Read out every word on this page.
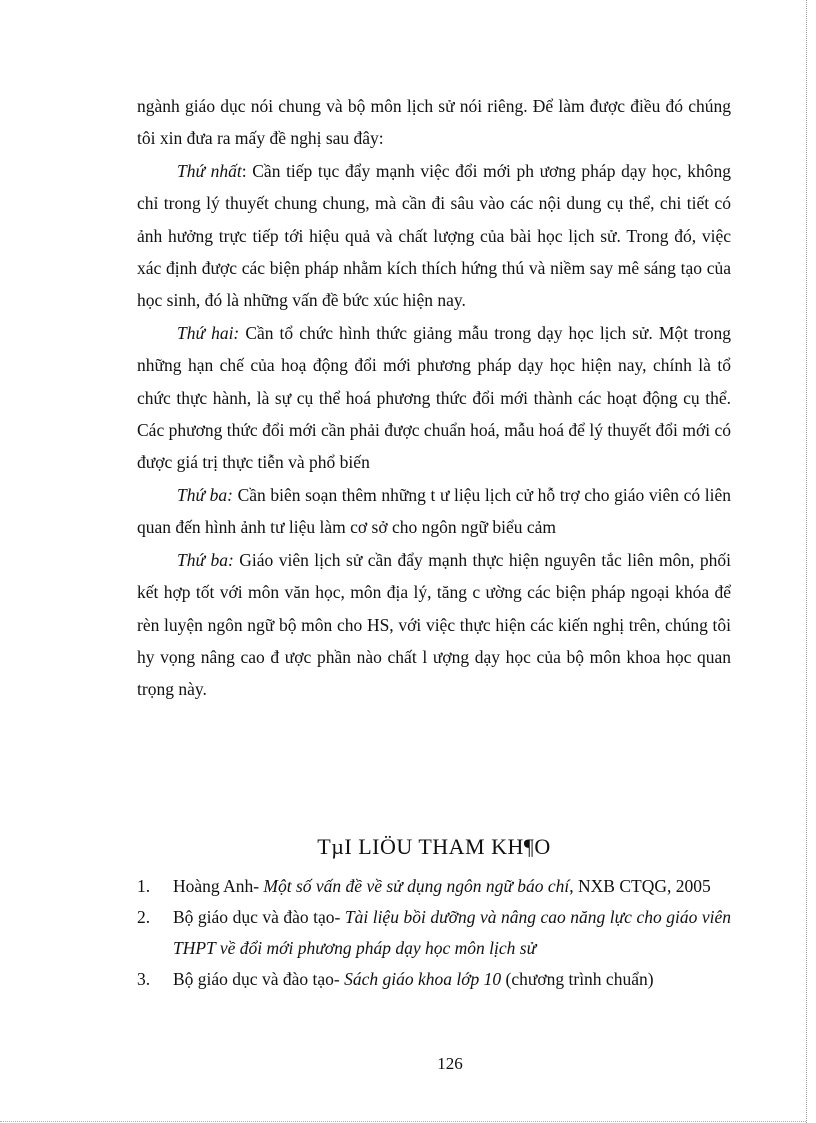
ngành giáo dục nói chung và bộ môn lịch sử nói riêng. Để làm được điều đó chúng tôi xin đưa ra mấy đề nghị sau đây:

Thứ nhất: Cần tiếp tục đẩy mạnh việc đổi mới ph ương pháp dạy học, không chỉ trong lý thuyết chung chung, mà cần đi sâu vào các nội dung cụ thể, chi tiết có ảnh hưởng trực tiếp tới hiệu quả và chất lượng của bài học lịch sử. Trong đó, việc xác định được các biện pháp nhằm kích thích hứng thú và niềm say mê sáng tạo của học sinh, đó là những vấn đề bức xúc hiện nay.

Thứ hai: Cần tổ chức hình thức giảng mẫu trong dạy học lịch sử. Một trong những hạn chế của hoạ động đổi mới phương pháp dạy học hiện nay, chính là tổ chức thực hành, là sự cụ thể hoá phương thức đổi mới thành các hoạt động cụ thể. Các phương thức đổi mới cần phải được chuẩn hoá, mẫu hoá để lý thuyết đổi mới có được giá trị thực tiễn và phổ biến

Thứ ba: Cần biên soạn thêm những t ư liệu lịch cử hỗ trợ cho giáo viên có liên quan đến hình ảnh tư liệu làm cơ sở cho ngôn ngữ biểu cảm

Thứ ba: Giáo viên lịch sử cần đẩy mạnh thực hiện nguyên tắc liên môn, phối kết hợp tốt với môn văn học, môn địa lý, tăng c ường các biện pháp ngoại khóa để rèn luyện ngôn ngữ bộ môn cho HS, với việc thực hiện các kiến nghị trên, chúng tôi hy vọng nâng cao đ ược phần nào chất l ượng dạy học của bộ môn khoa học quan trọng này.

TµI LIÖU THAM KH¶O
1.	Hoàng Anh- Một số vấn đề về sử dụng ngôn ngữ báo chí, NXB CTQG, 2005
2.	Bộ giáo dục và đào tạo- Tài liệu bồi dưỡng và nâng cao năng lực cho giáo viên THPT về đổi mới phương pháp dạy học môn lịch sử
3.	Bộ giáo dục và đào tạo- Sách giáo khoa lớp 10 (chương trình chuẩn)
126
